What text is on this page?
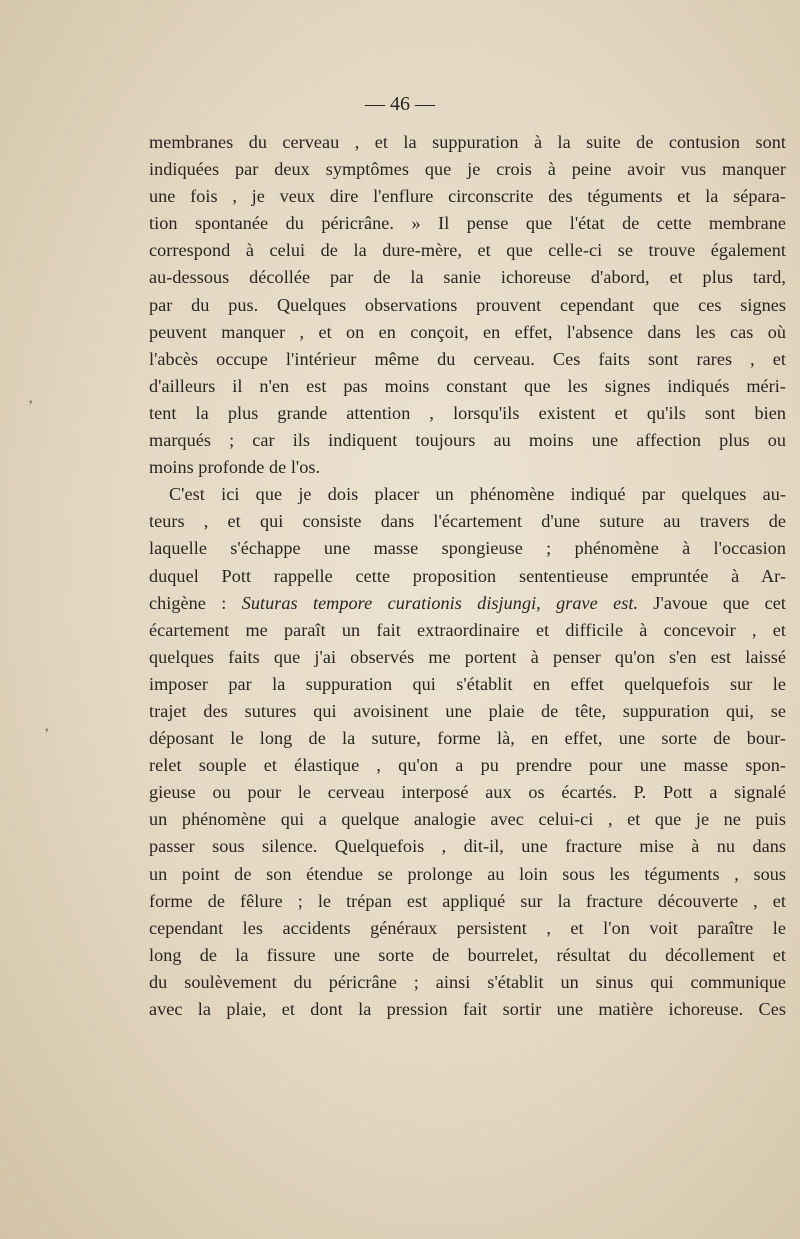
— 46 —
membranes du cerveau , et la suppuration à la suite de contusion sont
indiquées par deux symptômes que je crois à peine avoir vus manquer
une fois , je veux dire l'enflure circonscrite des téguments et la sépara-
tion spontanée du péricrâne. » Il pense que l'état de cette membrane
correspond à celui de la dure-mère, et que celle-ci se trouve également
au-dessous décollée par de la sanie ichoreuse d'abord, et plus tard,
par du pus. Quelques observations prouvent cependant que ces signes
peuvent manquer , et on en conçoit, en effet, l'absence dans les cas où
l'abcès occupe l'intérieur même du cerveau. Ces faits sont rares , et
d'ailleurs il n'en est pas moins constant que les signes indiqués méri-
tent la plus grande attention , lorsqu'ils existent et qu'ils sont bien
marqués ; car ils indiquent toujours au moins une affection plus ou
moins profonde de l'os.
C'est ici que je dois placer un phénomène indiqué par quelques au-
teurs , et qui consiste dans l'écartement d'une suture au travers de
laquelle s'échappe une masse spongieuse ; phénomène à l'occasion
duquel Pott rappelle cette proposition sententieuse empruntée à Ar-
chigène : Suturas tempore curationis disjungi, grave est. J'avoue que cet
écartement me paraît un fait extraordinaire et difficile à concevoir , et
quelques faits que j'ai observés me portent à penser qu'on s'en est laissé
imposer par la suppuration qui s'établit en effet quelquefois sur le
trajet des sutures qui avoisinent une plaie de tête, suppuration qui, se
déposant le long de la suture, forme là, en effet, une sorte de bour-
relet souple et élastique , qu'on a pu prendre pour une masse spon-
gieuse ou pour le cerveau interposé aux os écartés. P. Pott a signalé
un phénomène qui a quelque analogie avec celui-ci , et que je ne puis
passer sous silence. Quelquefois , dit-il, une fracture mise à nu dans
un point de son étendue se prolonge au loin sous les téguments , sous
forme de fêlure ; le trépan est appliqué sur la fracture découverte , et
cependant les accidents généraux persistent , et l'on voit paraître le
long de la fissure une sorte de bourrelet, résultat du décollement et
du soulèvement du péricrâne ; ainsi s'établit un sinus qui communique
avec la plaie, et dont la pression fait sortir une matière ichoreuse. Ces
ʼ
ʼ
